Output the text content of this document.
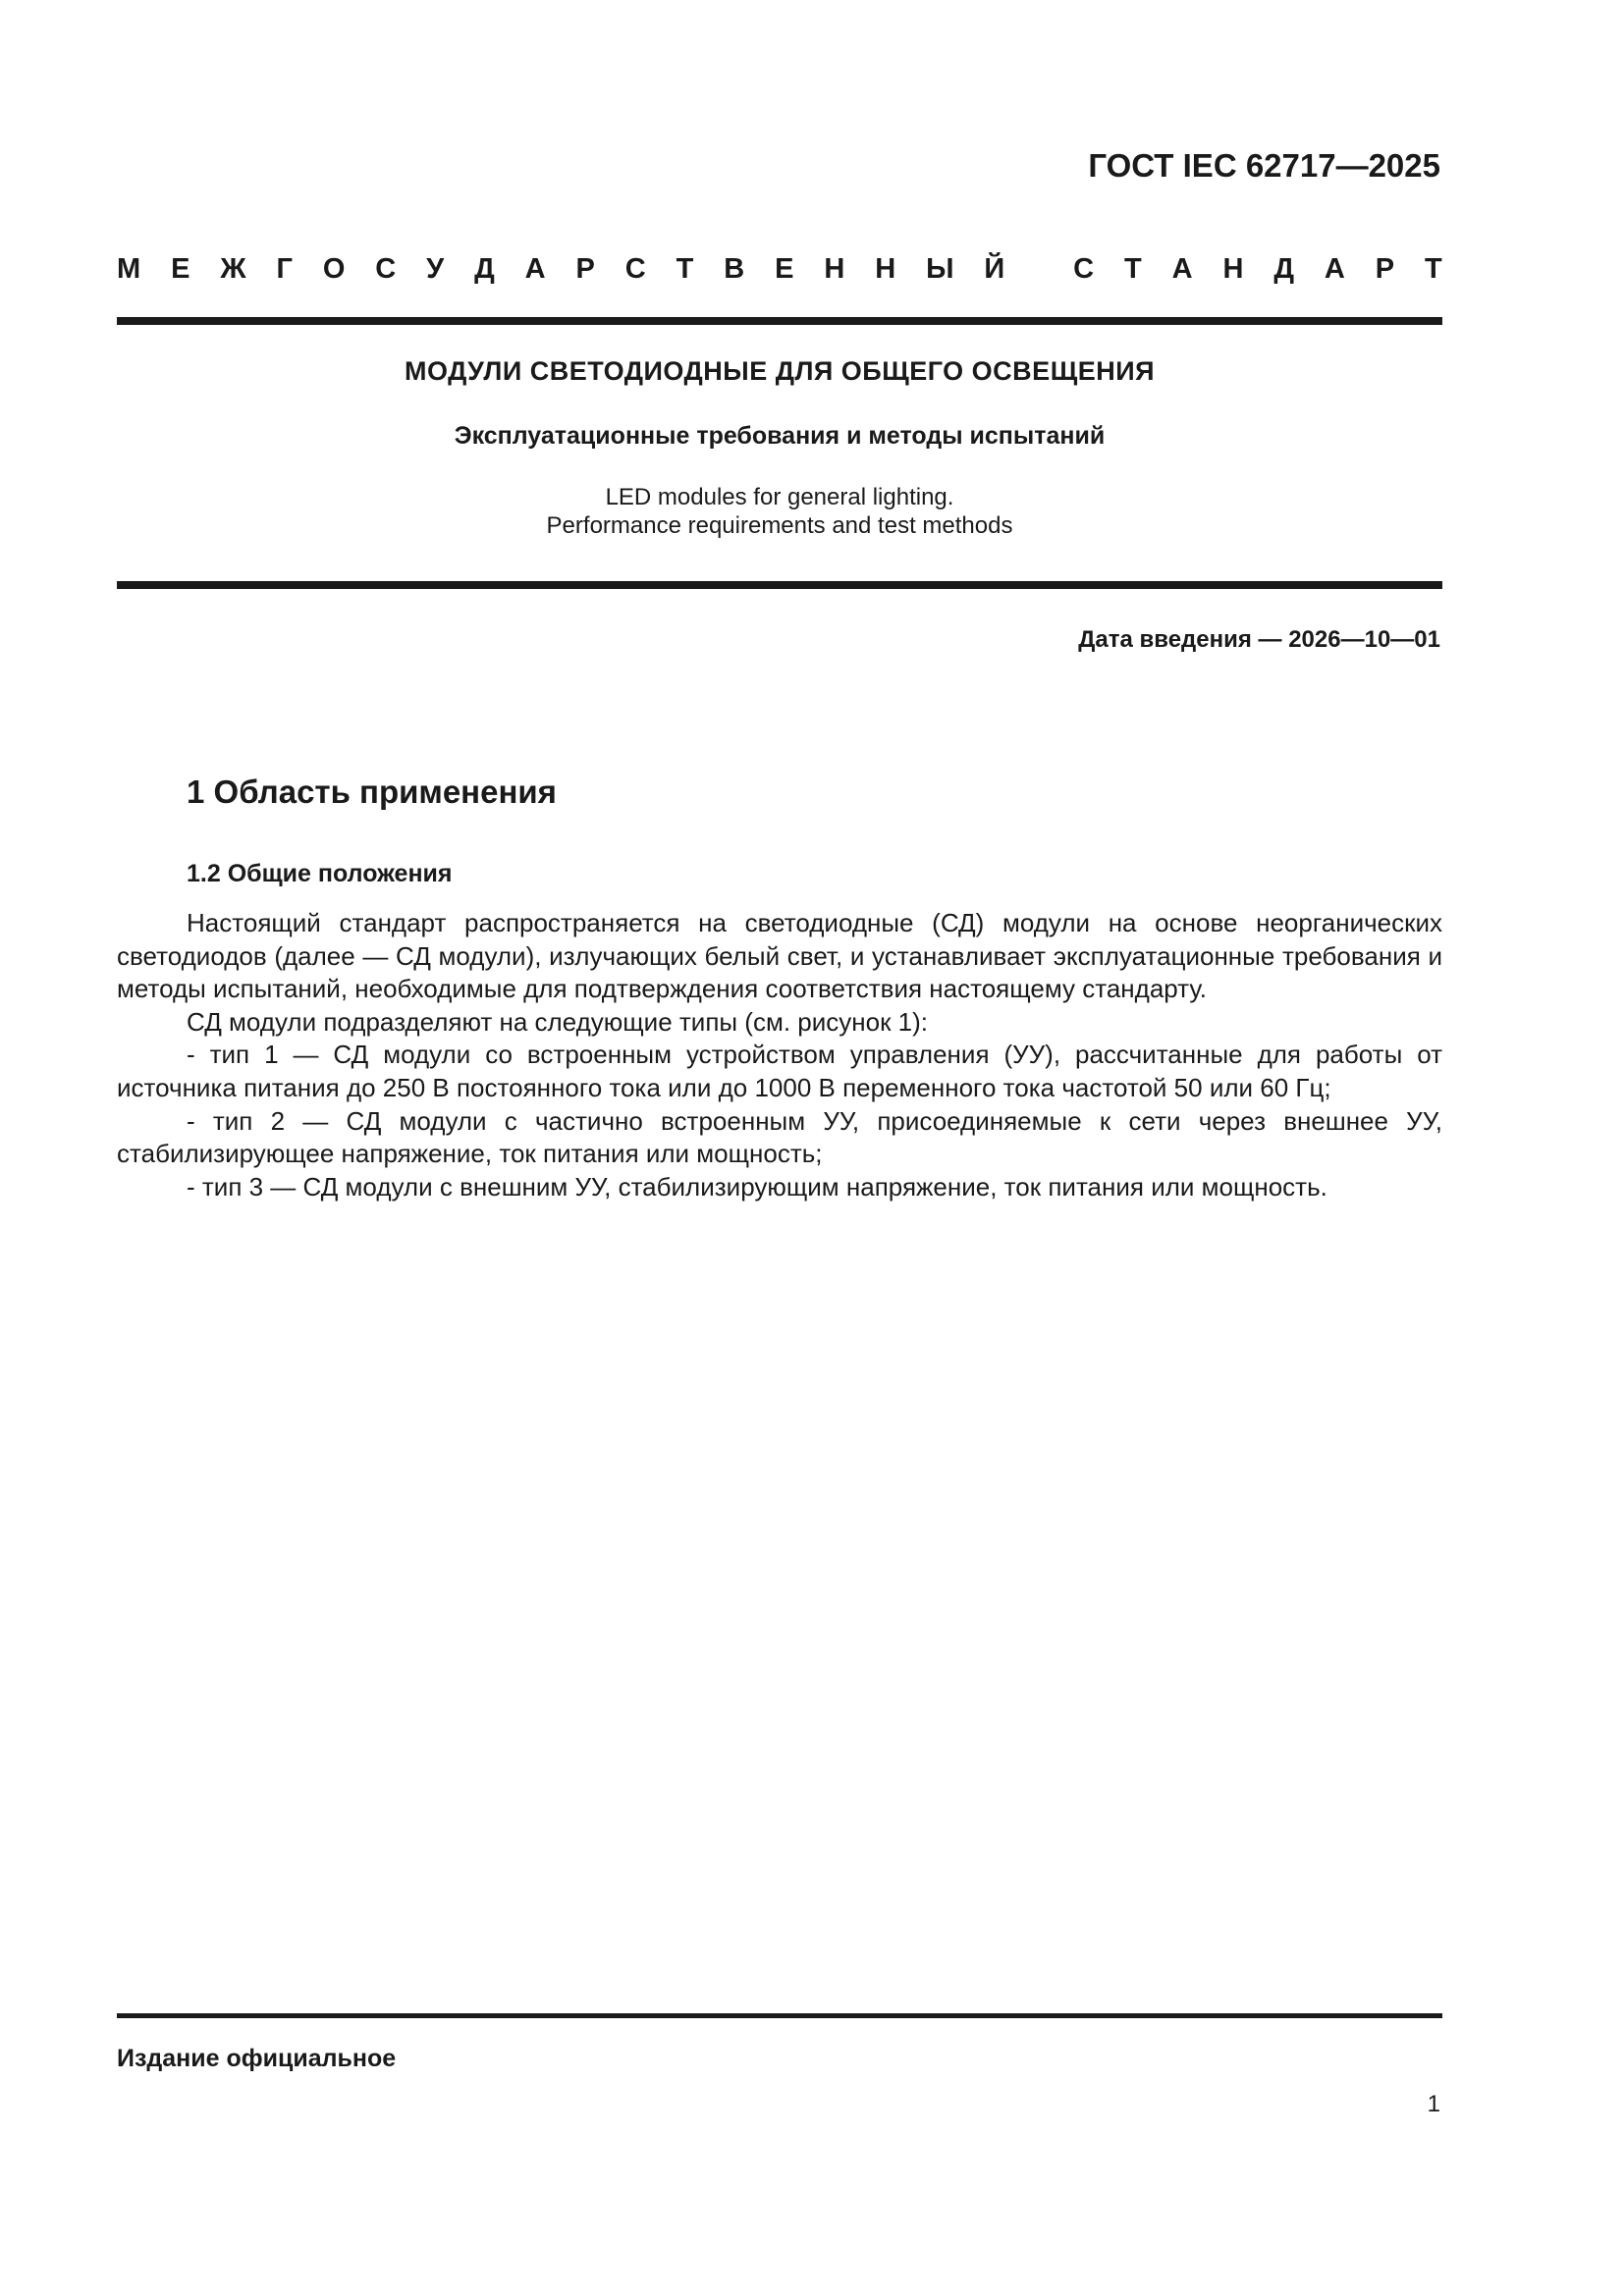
ГОСТ IEC 62717—2025
М Е Ж Г О С У Д А Р С Т В Е Н Н Ы Й
С Т А Н Д А Р Т
МОДУЛИ СВЕТОДИОДНЫЕ ДЛЯ ОБЩЕГО ОСВЕЩЕНИЯ
Эксплуатационные требования и методы испытаний
LED modules for general lighting.
Performance requirements and test methods
Дата введения — 2026—10—01
1 Область применения
1.2 Общие положения

Настоящий стандарт распространяется на светодиодные (СД) модули на основе неорганических светодиодов (далее — СД модули), излучающих белый свет, и устанавливает эксплуатационные требования и методы испытаний, необходимые для подтверждения соответствия настоящему стандарту.

СД модули подразделяют на следующие типы (см. рисунок 1):

- тип 1 — СД модули со встроенным устройством управления (УУ), рассчитанные для работы от источника питания до 250 В постоянного тока или до 1000 В переменного тока частотой 50 или 60 Гц;

- тип 2 — СД модули с частично встроенным УУ, присоединяемые к сети через внешнее УУ, стабилизирующее напряжение, ток питания или мощность;

- тип 3 — СД модули с внешним УУ, стабилизирующим напряжение, ток питания или мощность.

Издание официальное
1
